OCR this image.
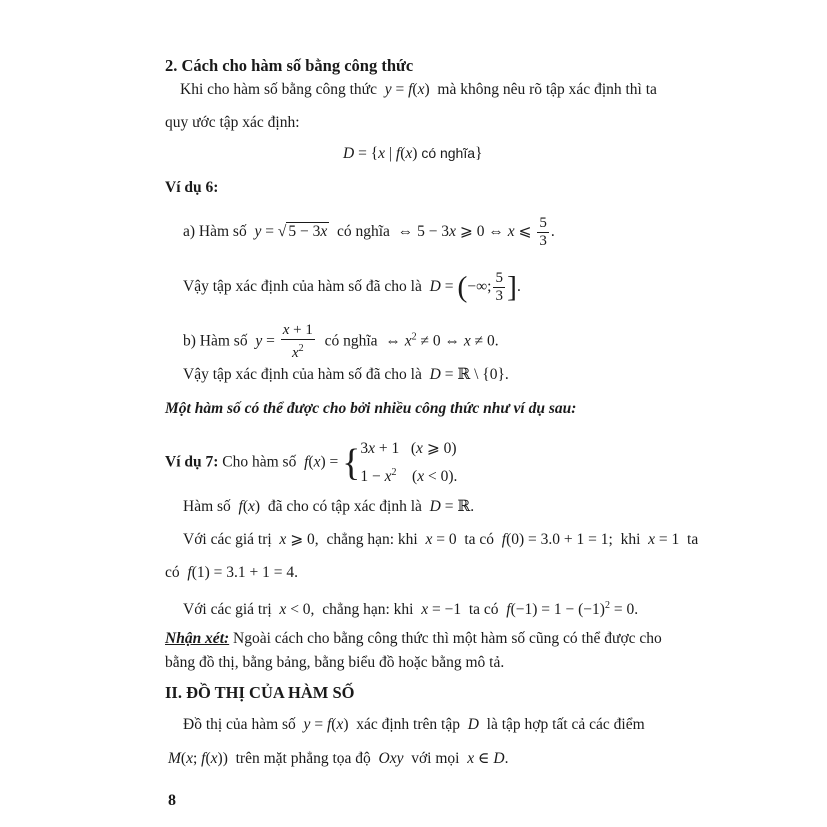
2. Cách cho hàm số bằng công thức
Khi cho hàm số bằng công thức y = f(x)  mà không nêu rõ tập xác định thì ta
quy ước tập xác định:
D = {x | f(x) có nghĩa}
Ví dụ 6:
a) Hàm số y = √ 5 − 3x có nghĩa  ⇔ 5 − 3x ⩾ 0 ⇔ x ⩽ $\frac{5}{3}$ .
Vậy tập xác định của hàm số đã cho là D = (−∞; $\frac{5}{3}$ ].
b) Hàm số $y = \frac{x + 1}{x^2}$ có nghĩa  ⇔ $x^2 \ne 0$ ⇔ x ≠ 0.
Vậy tập xác định của hàm số đã cho là D = ℝ \ {0}.
Một hàm số có thể được cho bởi nhiều công thức như ví dụ sau:
Ví dụ 7: Cho hàm số f(x) = { 3x + 1   (x ⩾ 0)
$1 - x^2$    (x < 0).
Hàm số f(x)  đã cho có tập xác định là D = ℝ.
Với các giá trị x ⩾ 0,  chẳng hạn: khi x = 0  ta có f(0) = 3.0 + 1 = 1;  khi x = 1  ta
có f(1) = 3.1 + 1 = 4.
Với các giá trị x < 0,  chẳng hạn: khi x = −1  ta có $f(-1) = 1 - (-1)^2 = 0$.
Nhận xét: Ngoài cách cho bằng công thức thì một hàm số cũng có thể được cho
bằng đồ thị, bằng bảng, bằng biểu đồ hoặc bằng mô tả.
II. ĐỒ THỊ CỦA HÀM SỐ
Đồ thị của hàm số y = f(x)  xác định trên tập D là tập hợp tất cả các điểm
M(x; f(x))  trên mặt phẳng tọa độ Oxy với mọi x ∈ D.
8
